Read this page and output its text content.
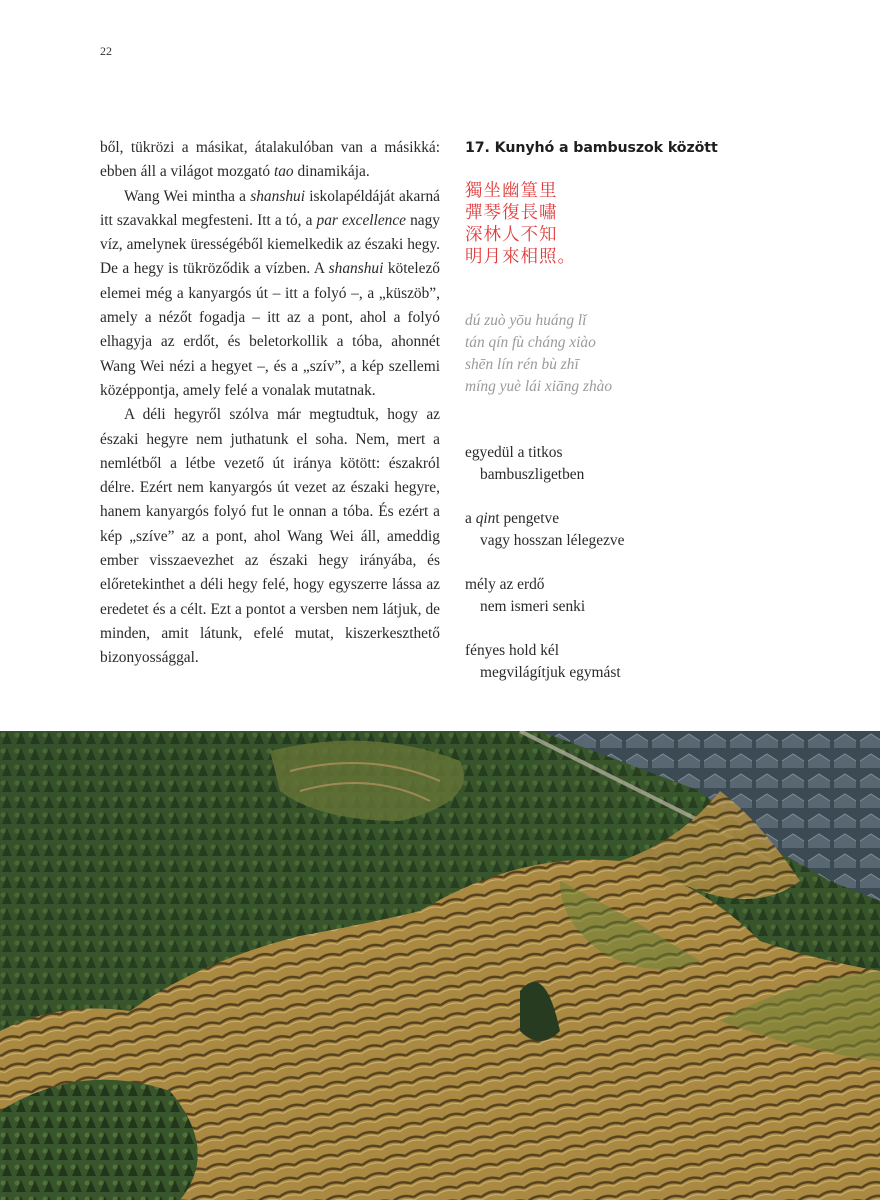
22

ből, tükrözi a másikat, átalakulóban van a másikká: ebben áll a világot mozgató tao dinamikája.

Wang Wei mintha a shanshui iskolapéldáját akarná itt szavakkal megfesteni. Itt a tó, a par excellence nagy víz, amelynek ürességéből kiemelkedik az északi hegy. De a hegy is tükröződik a vízben. A shanshui kötelező elemei még a kanyargós út – itt a folyó –, a „küszöb”, amely a nézőt fogadja – itt az a pont, ahol a folyó elhagyja az erdőt, és beletorkollik a tóba, ahonnét Wang Wei nézi a hegyet –, és a „szív”, a kép szellemi középpontja, amely felé a vonalak mutatnak.

A déli hegyről szólva már megtudtuk, hogy az északi hegyre nem juthatunk el soha. Nem, mert a nemlétből a létbe vezető út iránya kötött: északról délre. Ezért nem kanyargós út vezet az északi hegyre, hanem kanyargós folyó fut le onnan a tóba. És ezért a kép „szíve” az a pont, ahol Wang Wei áll, ameddig ember visszaevezhet az északi hegy irányába, és előretekinthet a déli hegy felé, hogy egyszerre lássa az eredetet és a célt. Ezt a pontot a versben nem látjuk, de minden, amit látunk, efelé mutat, kiszerkeszthető bizonyossággal.

17. Kunyhó a bambuszok között
獨坐幽篁里
彈琴復長嘯
深林人不知
明月來相照。
dú zuò yōu huáng lǐ
tán qín fù cháng xiào
shēn lín rén bù zhī
míng yuè lái xiāng zhào
egyedül a titkos
bambuszligetben
a qint pengetve
vagy hosszan lélegezve
mély az erdő
nem ismeri senki
fényes hold kél
megvilágítjuk egymást
